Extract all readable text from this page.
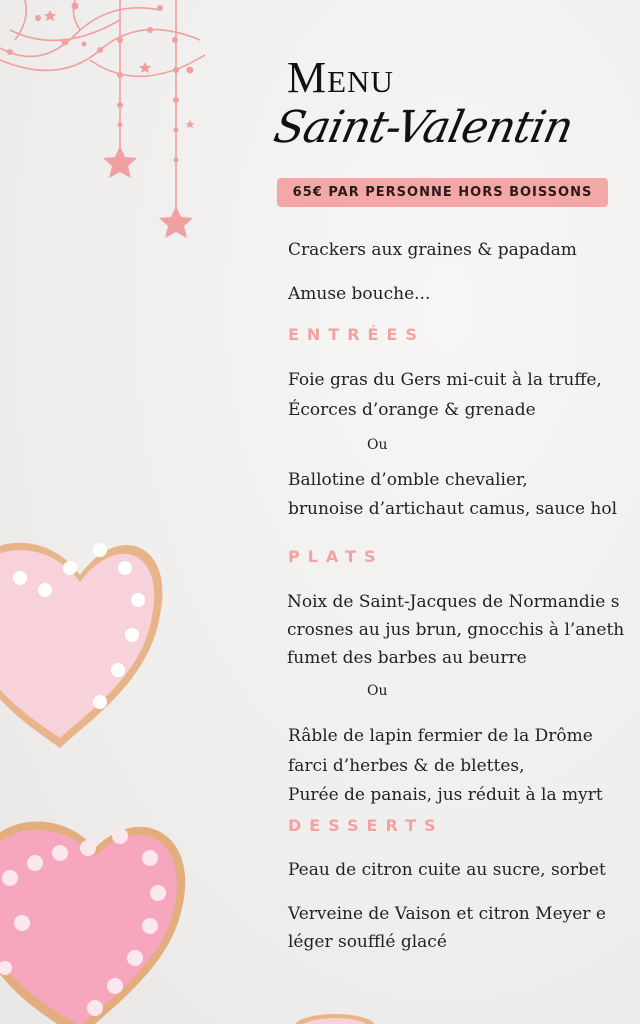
Menu
Saint-Valentin
65€ PAR PERSONNE HORS BOISSONS

Crackers aux graines & papadam

Amuse bouche...

ENTRÉES

Foie gras du Gers mi-cuit à la truffe,

Écorces d’orange & grenade

Ou

Ballotine d’omble chevalier,

brunoise d’artichaut camus, sauce hol

PLATS

Noix de Saint-Jacques de Normandie s

crosnes au jus brun, gnocchis à l’aneth

fumet des barbes au beurre

Ou

Râble de lapin fermier de la Drôme

farci d’herbes & de blettes,

Purée de panais, jus réduit à la myrt

DESSERTS

Peau de citron cuite au sucre, sorbet

Verveine de Vaison et citron Meyer e

léger soufflé glacé
